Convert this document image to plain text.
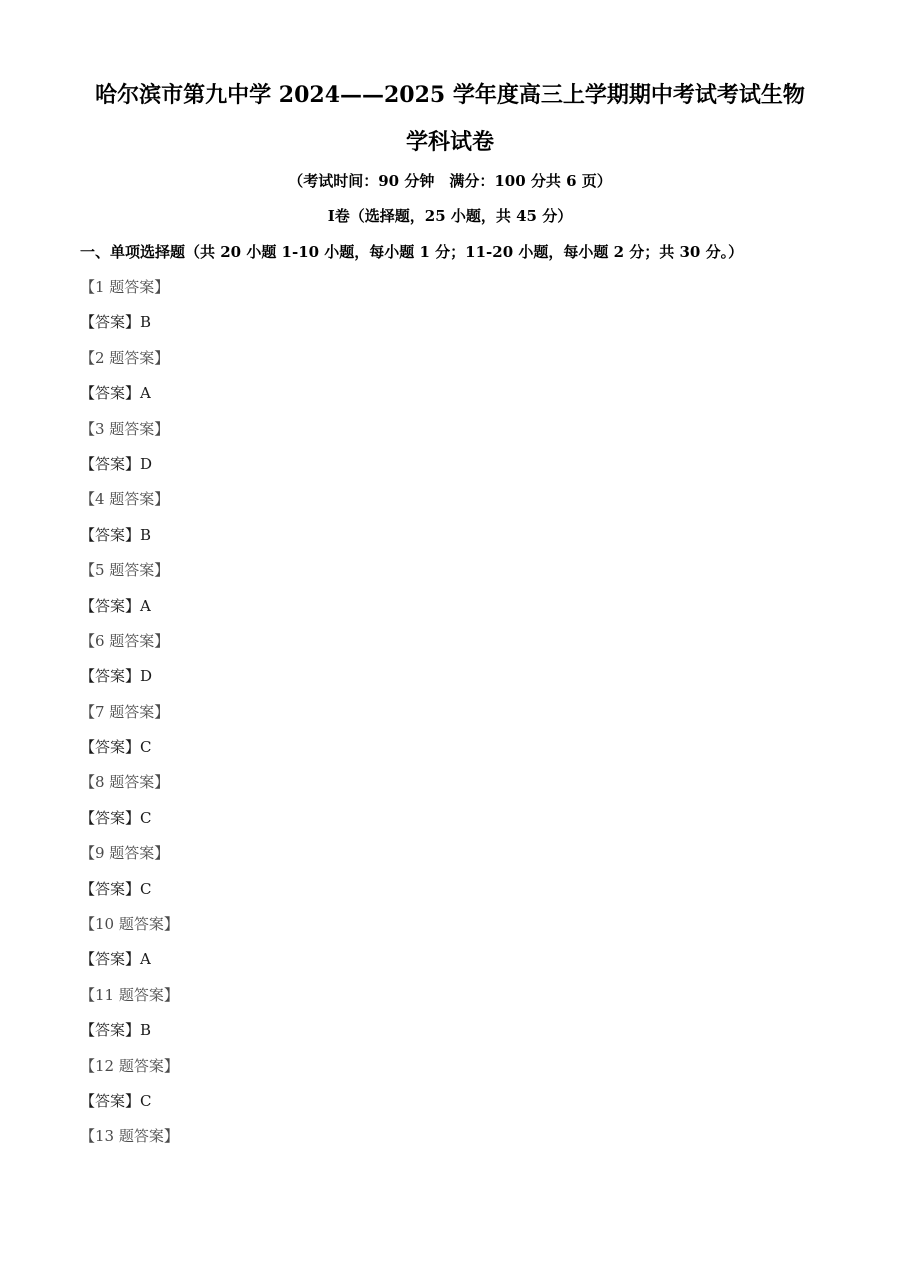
哈尔滨市第九中学 2024——2025 学年度高三上学期期中考试考试生物
学科试卷
（考试时间：90 分钟　满分：100 分共 6 页）
Ⅰ卷（选择题，25 小题，共 45 分）
一、单项选择题（共 20 小题 1-10 小题，每小题 1 分；11-20 小题，每小题 2 分；共 30 分。）
【1 题答案】
【答案】B
【2 题答案】
【答案】A
【3 题答案】
【答案】D
【4 题答案】
【答案】B
【5 题答案】
【答案】A
【6 题答案】
【答案】D
【7 题答案】
【答案】C
【8 题答案】
【答案】C
【9 题答案】
【答案】C
【10 题答案】
【答案】A
【11 题答案】
【答案】B
【12 题答案】
【答案】C
【13 题答案】
